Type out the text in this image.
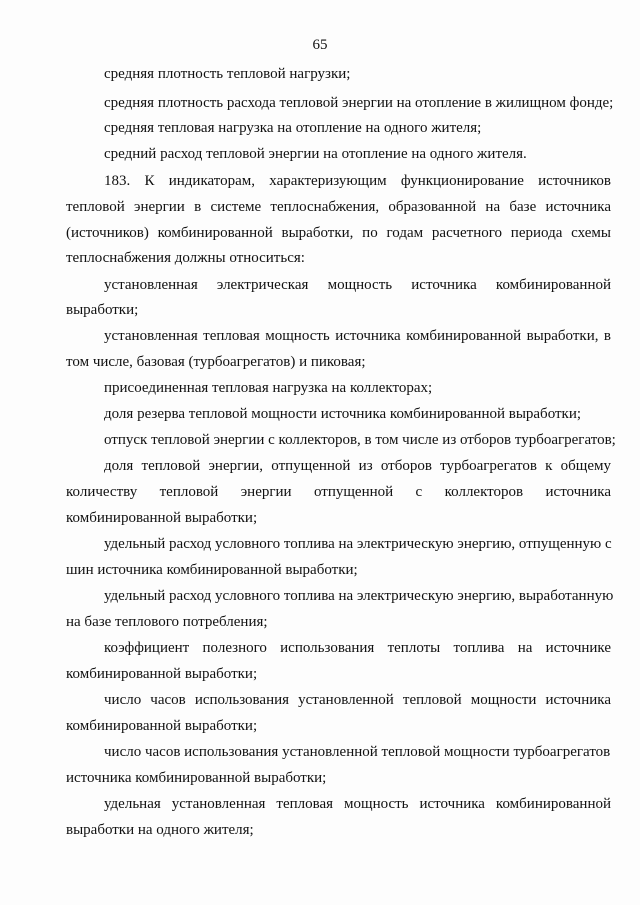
65
средняя плотность тепловой нагрузки;
средняя плотность расхода тепловой энергии на отопление в жилищном фонде;
средняя тепловая нагрузка на отопление на одного жителя;
средний расход тепловой энергии на отопление на одного жителя.
183. К индикаторам, характеризующим функционирование источников
тепловой энергии в системе теплоснабжения, образованной на базе источника
(источников) комбинированной выработки, по годам расчетного периода схемы
теплоснабжения должны относиться:
установленная электрическая мощность источника комбинированной
выработки;
установленная тепловая мощность источника комбинированной выработки, в
том числе, базовая (турбоагрегатов) и пиковая;
присоединенная тепловая нагрузка на коллекторах;
доля резерва тепловой мощности источника комбинированной выработки;
отпуск тепловой энергии с коллекторов, в том числе из отборов турбоагрегатов;
доля тепловой энергии, отпущенной из отборов турбоагрегатов к общему
количеству тепловой энергии отпущенной с коллекторов источника
комбинированной выработки;
удельный расход условного топлива на электрическую энергию, отпущенную с
шин источника комбинированной выработки;
удельный расход условного топлива на электрическую энергию, выработанную
на базе теплового потребления;
коэффициент полезного использования теплоты топлива на источнике
комбинированной выработки;
число часов использования установленной тепловой мощности источника
комбинированной выработки;
число часов использования установленной тепловой мощности турбоагрегатов
источника комбинированной выработки;
удельная установленная тепловая мощность источника комбинированной
выработки на одного жителя;
